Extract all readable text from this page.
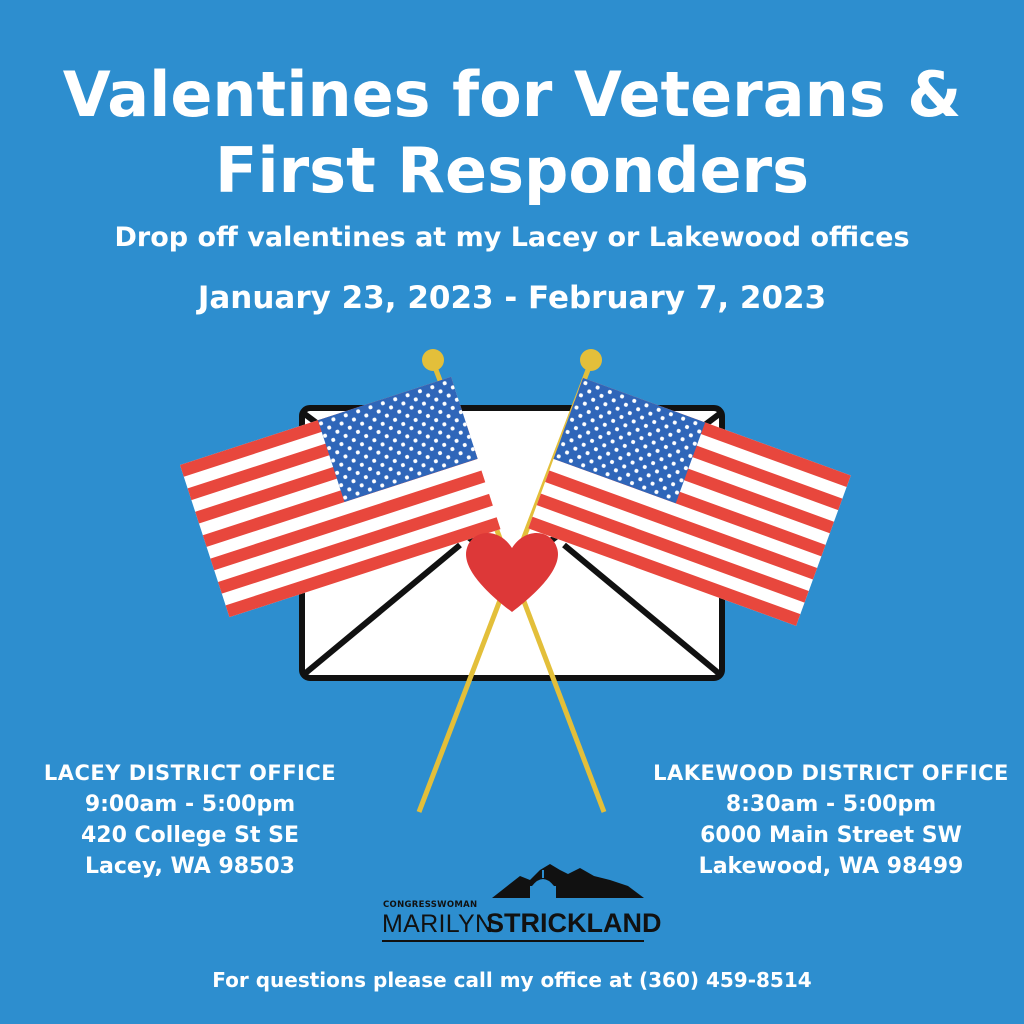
Valentines for Veterans &
First Responders

Drop off valentines at my Lacey or Lakewood offices

January 23, 2023 - February 7, 2023

LACEY DISTRICT OFFICE
9:00am - 5:00pm
420 College St SE
Lacey, WA 98503
LAKEWOOD DISTRICT OFFICE
8:30am - 5:00pm
6000 Main Street SW
Lakewood, WA 98499
CONGRESSWOMAN
MARILYN
STRICKLAND

For questions please call my office at (360) 459-8514
